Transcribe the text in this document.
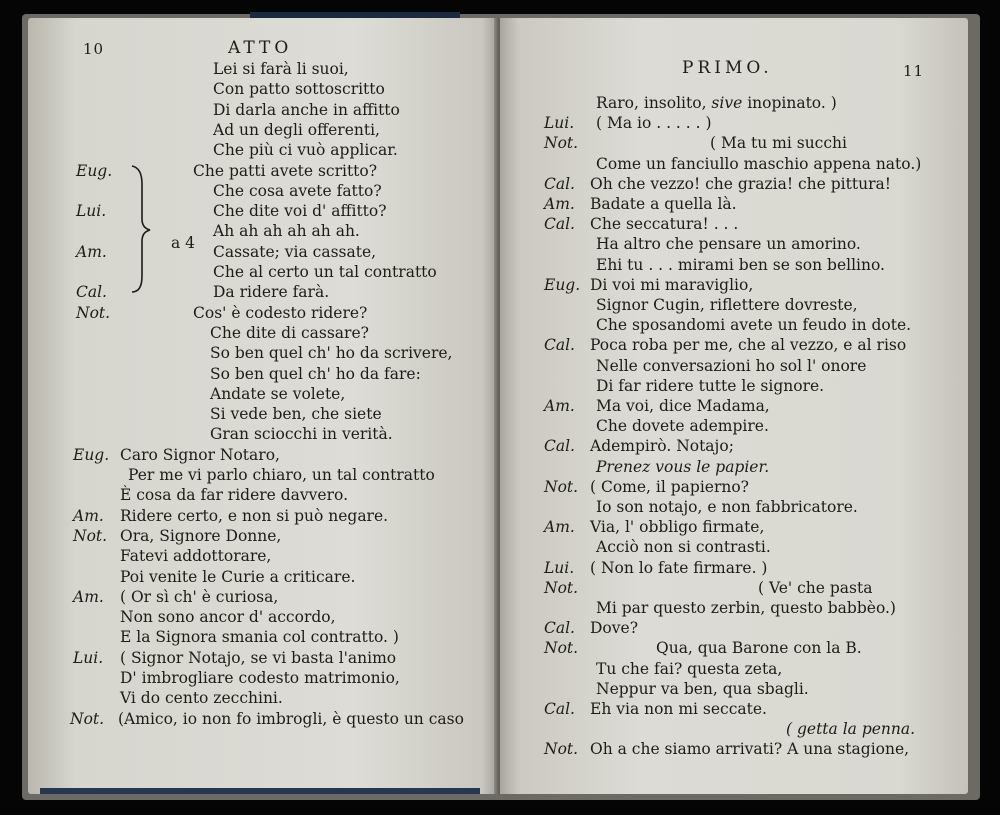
10	ATTO
a 4
Lei si farà li suoi,
Con patto sottoscritto
Di darla anche in affitto
Ad un degli offerenti,
Che più ci vuò applicar.
Eug.	Che patti avete scritto?
Che cosa avete fatto?
Lui.	Che dite voi d' affitto?
Ah ah ah ah ah ah.
Am.	Cassate; via cassate,
Che al certo un tal contratto
Cal.	Da ridere farà.
Not.	Cos' è codesto ridere?
Che dite di cassare?
So ben quel ch' ho da scrivere,
So ben quel ch' ho da fare:
Andate se volete,
Si vede ben, che siete
Gran sciocchi in verità.
Eug. Caro Signor Notaro,
Per me vi parlo chiaro, un tal contratto
È cosa da far ridere davvero.
Am. Ridere certo, e non si può negare.
Not. Ora, Signore Donne,
Fatevi addottorare,
Poi venite le Curie a criticare.
Am. ( Or sì ch' è curiosa,
Non sono ancor d' accordo,
E la Signora smania col contratto. )
Lui. ( Signor Notajo, se vi basta l'animo
D' imbrogliare codesto matrimonio,
Vi do cento zecchini.
Not. (Amico, io non fo imbrogli, è questo un caso
PRIMO.	11
Raro, insolito, sive inopinato. )
Lui. ( Ma io . . . . . )
Not.	( Ma tu mi succhi
Come un fanciullo maschio appena nato.)
Cal. Oh che vezzo! che grazia! che pittura!
Am. Badate a quella là.
Cal. Che seccatura! . . .
Ha altro che pensare un amorino.
Ehi tu . . . mirami ben se son bellino.
Eug. Di voi mi maraviglio,
Signor Cugin, riflettere dovreste,
Che sposandomi avete un feudo in dote.
Cal. Poca roba per me, che al vezzo, e al riso
Nelle conversazioni ho sol l' onore
Di far ridere tutte le signore.
Am. Ma voi, dice Madama,
Che dovete adempire.
Cal. Adempirò. Notajo;
Prenez vous le papier.
Not. ( Come, il papierno?
Io son notajo, e non fabbricatore.
Am. Via, l' obbligo firmate,
Acciò non si contrasti.
Lui. ( Non lo fate firmare. )
Not.	( Ve' che pasta
Mi par questo zerbin, questo babbèo.)
Cal. Dove?
Not.	Qua, qua Barone con la B.
Tu che fai? questa zeta,
Neppur va ben, qua sbagli.
Cal. Eh via non mi seccate.
( getta la penna.
Not. Oh a che siamo arrivati? A una stagione,
